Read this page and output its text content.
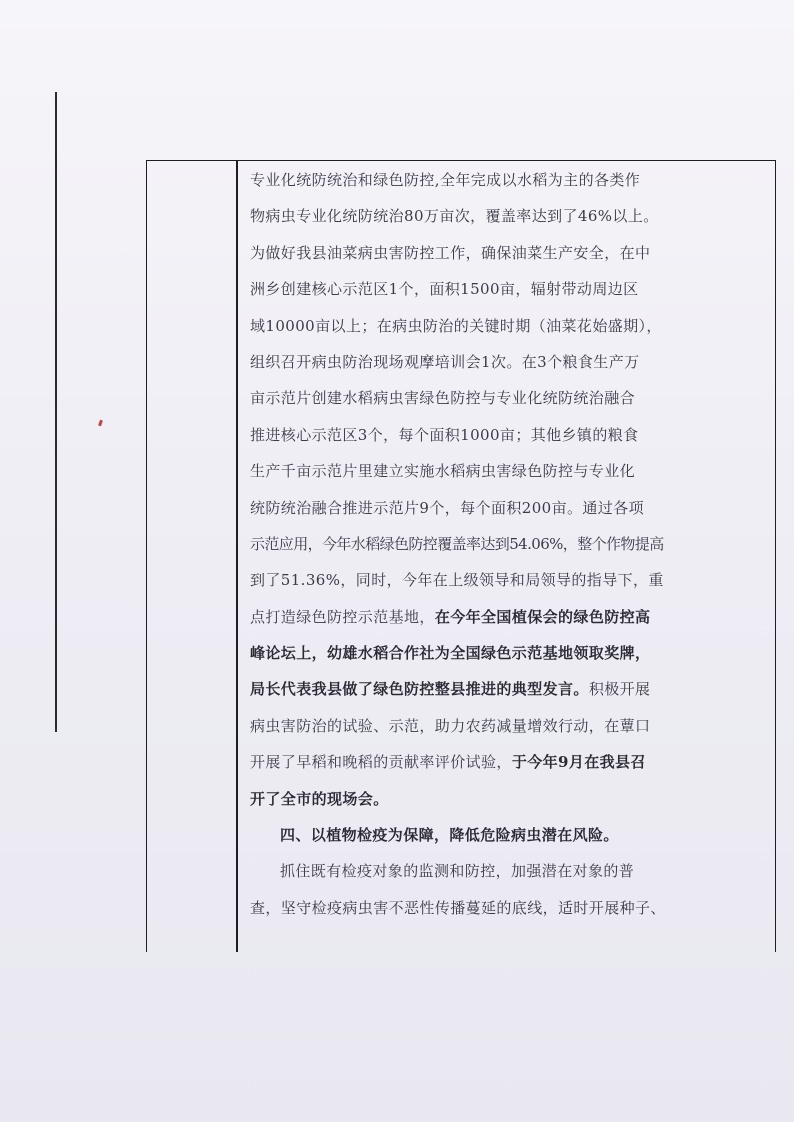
专业化统防统治和绿色防控,全年完成以水稻为主的各类作
物病虫专业化统防统治80万亩次，覆盖率达到了46%以上。
为做好我县油菜病虫害防控工作，确保油菜生产安全，在中
洲乡创建核心示范区1个，面积1500亩，辐射带动周边区
域10000亩以上；在病虫防治的关键时期（油菜花始盛期），
组织召开病虫防治现场观摩培训会1次。在3个粮食生产万
亩示范片创建水稻病虫害绿色防控与专业化统防统治融合
推进核心示范区3个，每个面积1000亩；其他乡镇的粮食
生产千亩示范片里建立实施水稻病虫害绿色防控与专业化
统防统治融合推进示范片9个，每个面积200亩。通过各项
示范应用，今年水稻绿色防控覆盖率达到54.06%，整个作物提高
到了51.36%，同时，今年在上级领导和局领导的指导下，重
点打造绿色防控示范基地，在今年全国植保会的绿色防控高
峰论坛上，幼雄水稻合作社为全国绿色示范基地领取奖牌，
局长代表我县做了绿色防控整县推进的典型发言。积极开展
病虫害防治的试验、示范，助力农药减量增效行动，在蕈口
开展了早稻和晚稻的贡献率评价试验，于今年9月在我县召
开了全市的现场会。
四、以植物检疫为保障，降低危险病虫潜在风险。
抓住既有检疫对象的监测和防控，加强潜在对象的普
查，坚守检疫病虫害不恶性传播蔓延的底线，适时开展种子、
